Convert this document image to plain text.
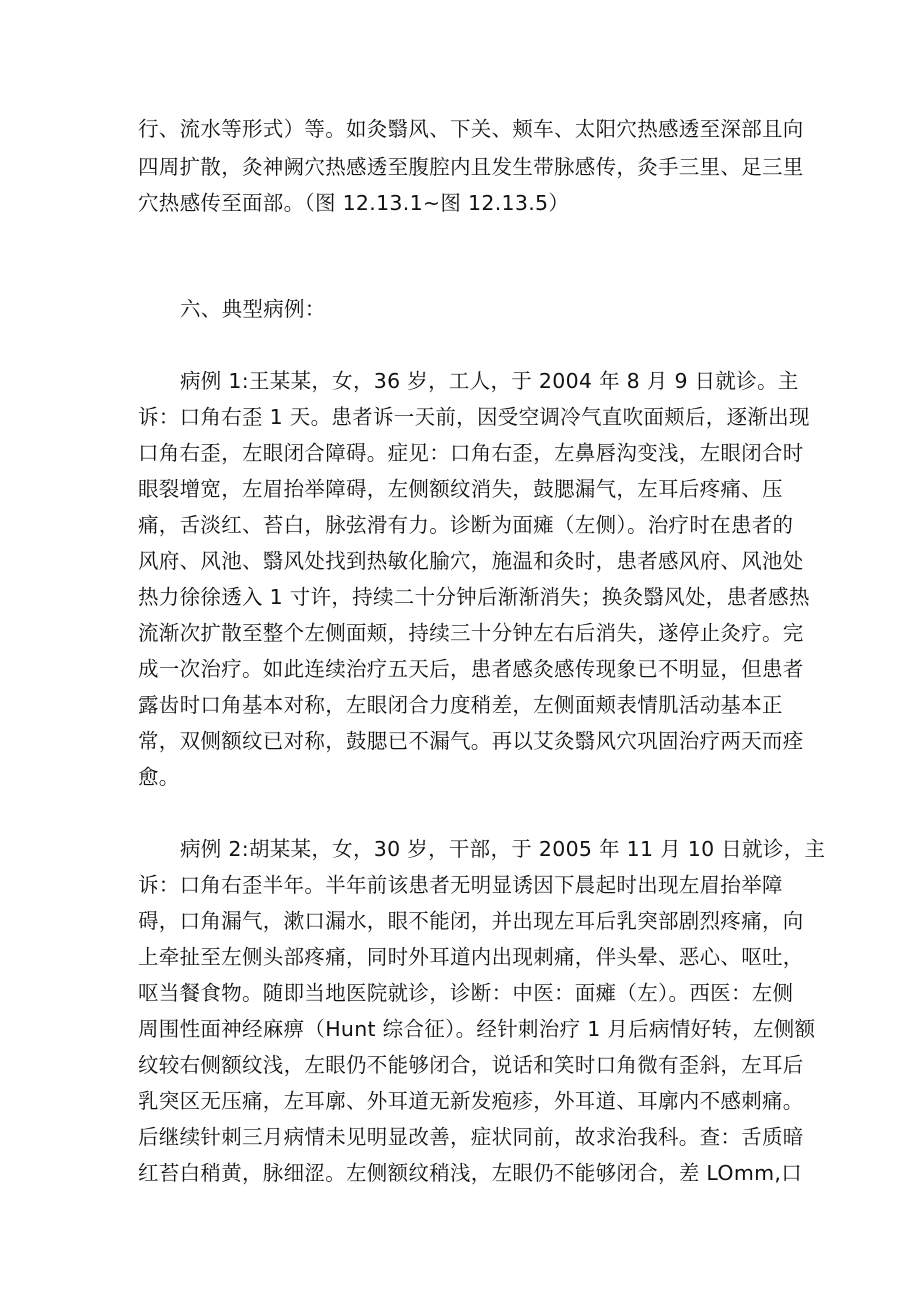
行、流水等形式）等。如灸翳风、下关、颊车、太阳穴热感透至深部且向
四周扩散，灸神阙穴热感透至腹腔内且发生带脉感传，灸手三里、足三里
穴热感传至面部。（图 12.13.1~图 12.13.5）
六、典型病例：
病例 1:王某某，女，36 岁，工人，于 2004 年 8 月 9 日就诊。主
诉：口角右歪 1 天。患者诉一天前，因受空调冷气直吹面颊后，逐渐出现
口角右歪，左眼闭合障碍。症见：口角右歪，左鼻唇沟变浅，左眼闭合时
眼裂增宽，左眉抬举障碍，左侧额纹消失，鼓腮漏气，左耳后疼痛、压
痛，舌淡红、苔白，脉弦滑有力。诊断为面瘫（左侧）。治疗时在患者的
风府、风池、翳风处找到热敏化腧穴，施温和灸时，患者感风府、风池处
热力徐徐透入 1 寸许，持续二十分钟后渐渐消失；换灸翳风处，患者感热
流渐次扩散至整个左侧面颊，持续三十分钟左右后消失，遂停止灸疗。完
成一次治疗。如此连续治疗五天后，患者感灸感传现象已不明显，但患者
露齿时口角基本对称，左眼闭合力度稍差，左侧面颊表情肌活动基本正
常，双侧额纹已对称，鼓腮已不漏气。再以艾灸翳风穴巩固治疗两天而痊
愈。
病例 2:胡某某，女，30 岁，干部，于 2005 年 11 月 10 日就诊，主
诉：口角右歪半年。半年前该患者无明显诱因下晨起时出现左眉抬举障
碍，口角漏气，漱口漏水，眼不能闭，并出现左耳后乳突部剧烈疼痛，向
上牵扯至左侧头部疼痛，同时外耳道内出现刺痛，伴头晕、恶心、呕吐，
呕当餐食物。随即当地医院就诊，诊断：中医：面瘫（左）。西医：左侧
周围性面神经麻痹（Hunt 综合征）。经针刺治疗 1 月后病情好转，左侧额
纹较右侧额纹浅，左眼仍不能够闭合，说话和笑时口角微有歪斜，左耳后
乳突区无压痛，左耳廓、外耳道无新发疱疹，外耳道、耳廓内不感刺痛。
后继续针刺三月病情未见明显改善，症状同前，故求治我科。查：舌质暗
红苔白稍黄，脉细涩。左侧额纹稍浅，左眼仍不能够闭合，差 LOmm,口
